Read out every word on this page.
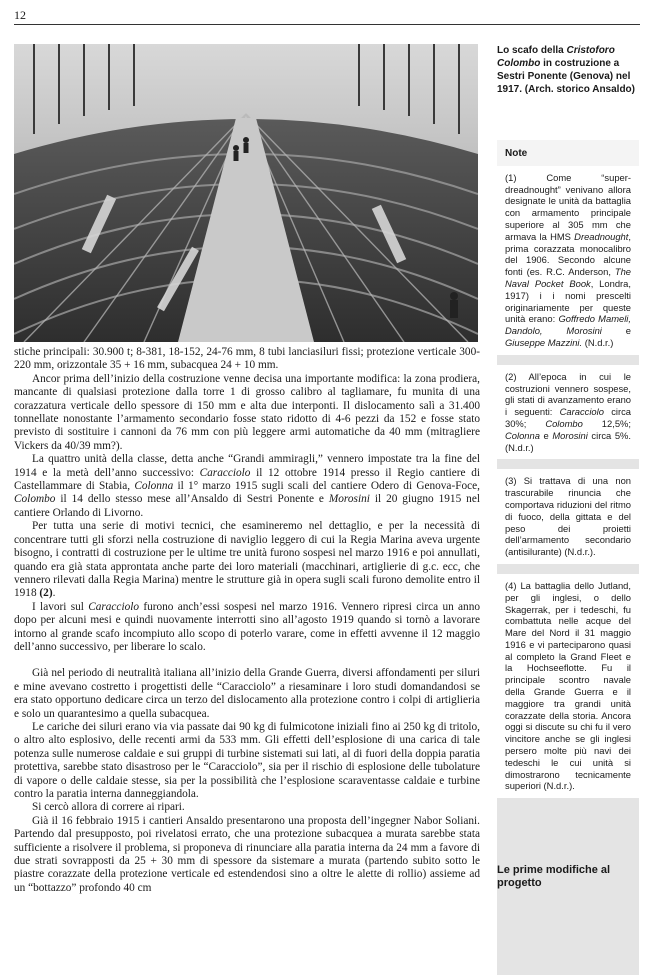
12
Lo scafo della Cristoforo Colombo in costruzione a Sestri Ponente (Genova) nel 1917. (Arch. storico Ansaldo)
Note
(1) Come “super-dreadnought” venivano allora designate le unità da battaglia con armamento principale superiore al 305 mm che armava la HMS Dreadnought, prima corazzata monocalibro del 1906. Secondo alcune fonti (es. R.C. Anderson, The Naval Pocket Book, Londra, 1917) i i nomi prescelti originariamente per queste unità erano: Goffredo Mameli, Dandolo, Morosini e Giuseppe Mazzini. (N.d.r.)
(2) All’epoca in cui le costruzioni vennero sospese, gli stati di avanzamento erano i seguenti: Caracciolo circa 30%; Colombo 12,5%; Colonna e Morosini circa 5%. (N.d.r.)
(3) Si trattava di una non trascurabile rinuncia che comportava riduzioni del ritmo di fuoco, della gittata e del peso dei proietti dell’armamento secondario (antisilurante) (N.d.r.).
(4) La battaglia dello Jutland, per gli inglesi, o dello Skagerrak, per i tedeschi, fu combattuta nelle acque del Mare del Nord il 31 maggio 1916 e vi parteciparono quasi al completo la Grand Fleet e la Hochseeflotte. Fu il principale scontro navale della Grande Guerra e il maggiore tra grandi unità corazzate della storia. Ancora oggi si discute su chi fu il vero vincitore anche se gli inglesi persero molte più navi dei tedeschi le cui unità si dimostrarono tecnicamente superiori (N.d.r.).
Le prime modifiche al progetto

stiche principali: 30.900 t; 8-381, 18-152, 24-76 mm, 8 tubi lanciasiluri fissi; protezione verticale 300-220 mm, orizzontale 35 + 16 mm, subacquea 24 + 10 mm.

Ancor prima dell’inizio della costruzione venne decisa una importante modifica: la zona prodiera, mancante di qualsiasi protezione dalla torre 1 di grosso calibro al tagliamare, fu munita di una corazzatura verticale dello spessore di 150 mm e alta due interponti. Il dislocamento salì a 31.400 tonnellate nonostante l’armamento secondario fosse stato ridotto di 4-6 pezzi da 152 e fosse stato previsto di sostituire i cannoni da 76 mm con più leggere armi automatiche da 40 mm (mitragliere Vickers da 40/39 mm?).

La quattro unità della classe, detta anche “Grandi ammiragli,” vennero impostate tra la fine del 1914 e la metà dell’anno successivo: Caracciolo il 12 ottobre 1914 presso il Regio cantiere di Castellammare di Stabia, Colonna il 1° marzo 1915 sugli scali del cantiere Odero di Genova-Foce, Colombo il 14 dello stesso mese all’Ansaldo di Sestri Ponente e Morosini il 20 giugno 1915 nel cantiere Orlando di Livorno.

Per tutta una serie di motivi tecnici, che esamineremo nel dettaglio, e per la necessità di concentrare tutti gli sforzi nella costruzione di naviglio leggero di cui la Regia Marina aveva urgente bisogno, i contratti di costruzione per le ultime tre unità furono sospesi nel marzo 1916 e poi annullati, quando era già stata approntata anche parte dei loro materiali (macchinari, artiglierie di g.c. ecc, che vennero rilevati dalla Regia Marina) mentre le strutture già in opera sugli scali furono demolite entro il 1918 (2).

I lavori sul Caracciolo furono anch’essi sospesi nel marzo 1916. Vennero ripresi circa un anno dopo per alcuni mesi e quindi nuovamente interrotti sino all’agosto 1919 quando si tornò a lavorare intorno al grande scafo incompiuto allo scopo di poterlo varare, come in effetti avvenne il 12 maggio dell’anno successivo, per liberare lo scalo.

Già nel periodo di neutralità italiana all’inizio della Grande Guerra, diversi affondamenti per siluri e mine avevano costretto i progettisti delle “Caracciolo” a riesaminare i loro studi domandandosi se era stato opportuno dedicare circa un terzo del dislocamento alla protezione contro i colpi di artiglieria e solo un quarantesimo a quella subacquea.

Le cariche dei siluri erano via via passate dai 90 kg di fulmicotone iniziali fino ai 250 kg di tritolo, o altro alto esplosivo, delle recenti armi da 533 mm. Gli effetti dell’esplosione di una carica di tale potenza sulle numerose caldaie e sui gruppi di turbine sistemati sui lati, al di fuori della doppia paratia protettiva, sarebbe stato disastroso per le “Caracciolo”, sia per il rischio di esplosione delle tubolature di vapore o delle caldaie stesse, sia per la possibilità che l’esplosione scaraventasse caldaie e turbine contro la paratia interna danneggiandola.

Si cercò allora di correre ai ripari.

Già il 16 febbraio 1915 i cantieri Ansaldo presentarono una proposta dell’ingegner Nabor Soliani. Partendo dal presupposto, poi rivelatosi errato, che una protezione subacquea a murata sarebbe stata sufficiente a risolvere il problema, si proponeva di rinunciare alla paratia interna da 24 mm a favore di due strati sovrapposti da 25 + 30 mm di spessore da sistemare a murata (partendo subito sotto le piastre corazzate della protezione verticale ed estendendosi sino a oltre le alette di rollio) assieme ad un “bottazzo” profondo 40 cm
